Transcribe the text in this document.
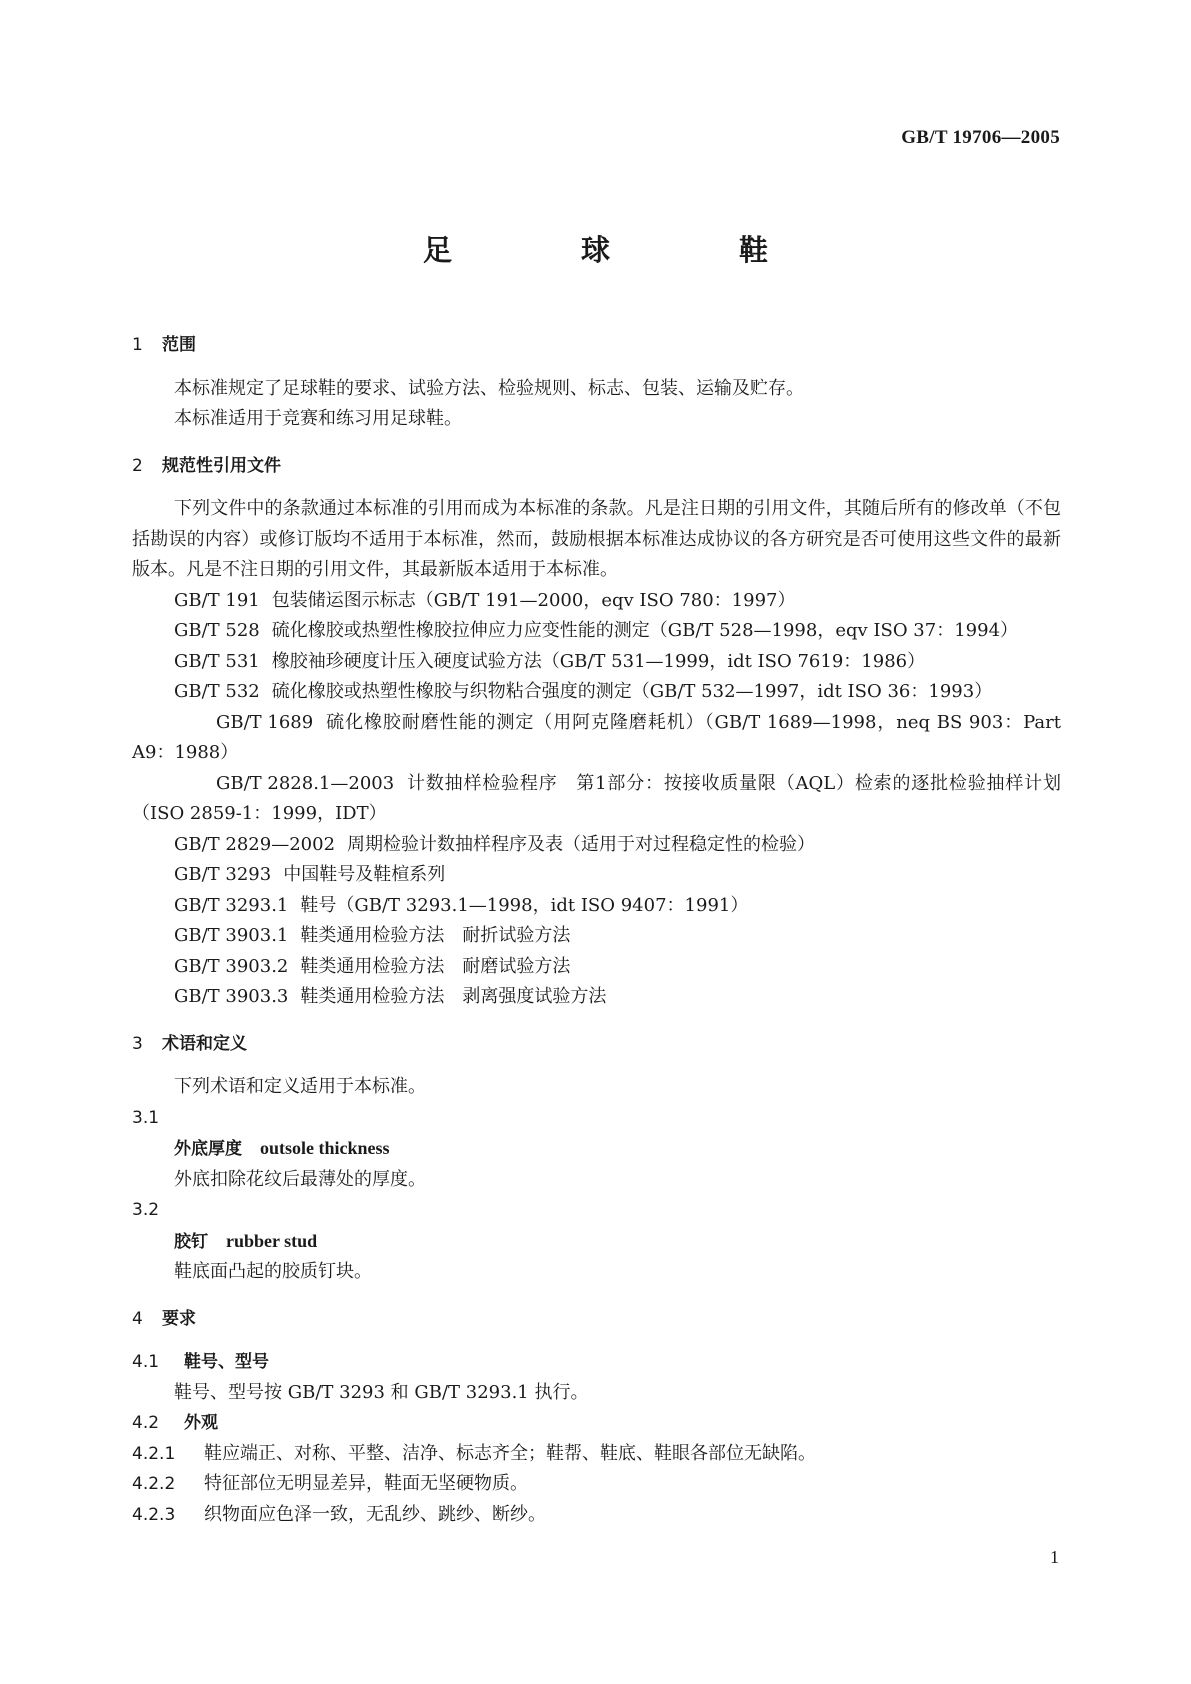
GB/T 19706—2005
足　球　鞋

1 范围

本标准规定了足球鞋的要求、试验方法、检验规则、标志、包装、运输及贮存。

本标准适用于竞赛和练习用足球鞋。

2 规范性引用文件

下列文件中的条款通过本标准的引用而成为本标准的条款。凡是注日期的引用文件，其随后所有的修改单（不包括勘误的内容）或修订版均不适用于本标准，然而，鼓励根据本标准达成协议的各方研究是否可使用这些文件的最新版本。凡是不注日期的引用文件，其最新版本适用于本标准。

GB/T 191 包装储运图示标志（GB/T 191—2000，eqv ISO 780：1997）

GB/T 528 硫化橡胶或热塑性橡胶拉伸应力应变性能的测定（GB/T 528—1998，eqv ISO 37：1994）

GB/T 531 橡胶袖珍硬度计压入硬度试验方法（GB/T 531—1999，idt ISO 7619：1986）

GB/T 532 硫化橡胶或热塑性橡胶与织物粘合强度的测定（GB/T 532—1997，idt ISO 36：1993）

GB/T 1689 硫化橡胶耐磨性能的测定（用阿克隆磨耗机）（GB/T 1689—1998，neq BS 903：Part A9：1988）

GB/T 2828.1—2003 计数抽样检验程序　第1部分：按接收质量限（AQL）检索的逐批检验抽样计划（ISO 2859-1：1999，IDT）

GB/T 2829—2002 周期检验计数抽样程序及表（适用于对过程稳定性的检验）

GB/T 3293 中国鞋号及鞋楦系列

GB/T 3293.1 鞋号（GB/T 3293.1—1998，idt ISO 9407：1991）

GB/T 3903.1 鞋类通用检验方法　耐折试验方法

GB/T 3903.2 鞋类通用检验方法　耐磨试验方法

GB/T 3903.3 鞋类通用检验方法　剥离强度试验方法

3 术语和定义

下列术语和定义适用于本标准。

3.1

外底厚度 outsole thickness

外底扣除花纹后最薄处的厚度。

3.2

胶钉 rubber stud

鞋底面凸起的胶质钉块。

4 要求

4.1 鞋号、型号

鞋号、型号按 GB/T 3293 和 GB/T 3293.1 执行。

4.2 外观

4.2.1 鞋应端正、对称、平整、洁净、标志齐全；鞋帮、鞋底、鞋眼各部位无缺陷。

4.2.2 特征部位无明显差异，鞋面无坚硬物质。

4.2.3 织物面应色泽一致，无乱纱、跳纱、断纱。

1
